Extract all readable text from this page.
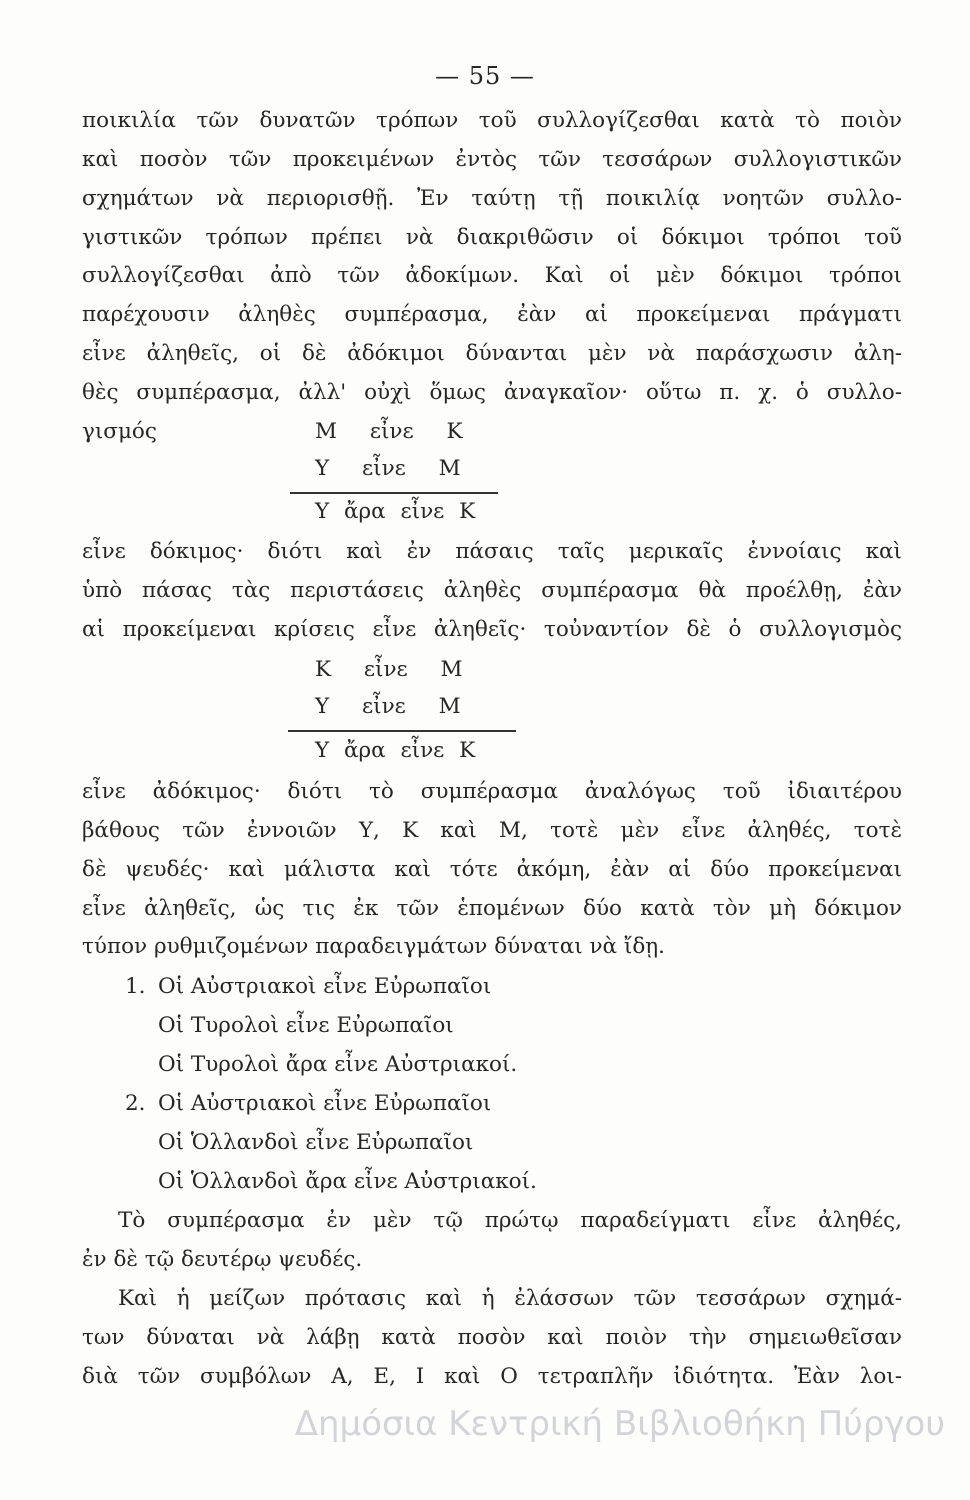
— 55 —
ποικιλία τῶν δυνατῶν τρόπων τοῦ συλλογίζεσθαι κατὰ τὸ ποιὸν
καὶ ποσὸν τῶν προκειμένων ἐντὸς τῶν τεσσάρων συλλογιστικῶν
σχημάτων νὰ περιορισθῇ. Ἐν ταύτῃ τῇ ποικιλίᾳ νοητῶν συλλο-
γιστικῶν τρόπων πρέπει νὰ διακριθῶσιν οἱ δόκιμοι τρόποι τοῦ
συλλογίζεσθαι ἀπὸ τῶν ἀδοκίμων. Καὶ οἱ μὲν δόκιμοι τρόποι
παρέχουσιν ἀληθὲς συμπέρασμα, ἐὰν αἱ προκείμεναι πράγματι
εἶνε ἀληθεῖς, οἱ δὲ ἀδόκιμοι δύνανται μὲν νὰ παράσχωσιν ἀλη-
θὲς συμπέρασμα, ἀλλ' οὐχὶ ὅμως ἀναγκαῖον· οὕτω π. χ. ὁ συλλο-
γισμός	Μ εἶνε Κ
Υ εἶνε Μ
Υ ἄρα εἶνε Κ
εἶνε δόκιμος· διότι καὶ ἐν πάσαις ταῖς μερικαῖς ἐννοίαις καὶ
ὑπὸ πάσας τὰς περιστάσεις ἀληθὲς συμπέρασμα θὰ προέλθῃ, ἐὰν
αἱ προκείμεναι κρίσεις εἶνε ἀληθεῖς· τοὐναντίον δὲ ὁ συλλογισμὸς
Κ εἶνε Μ
Υ εἶνε Μ
Υ ἄρα εἶνε Κ
εἶνε ἀδόκιμος· διότι τὸ συμπέρασμα ἀναλόγως τοῦ ἰδιαιτέρου
βάθους τῶν ἐννοιῶν Υ, Κ καὶ Μ, τοτὲ μὲν εἶνε ἀληθές, τοτὲ
δὲ ψευδές· καὶ μάλιστα καὶ τότε ἀκόμη, ἐὰν αἱ δύο προκείμεναι
εἶνε ἀληθεῖς, ὡς τις ἐκ τῶν ἑπομένων δύο κατὰ τὸν μὴ δόκιμον
τύπον ρυθμιζομένων παραδειγμάτων δύναται νὰ ἴδῃ.
1. Οἱ Αὐστριακοὶ εἶνε Εὐρωπαῖοι
Οἱ Τυρολοὶ εἶνε Εὐρωπαῖοι
Οἱ Τυρολοὶ ἄρα εἶνε Αὐστριακοί.
2. Οἱ Αὐστριακοὶ εἶνε Εὐρωπαῖοι
Οἱ Ὁλλανδοὶ εἶνε Εὐρωπαῖοι
Οἱ Ὁλλανδοὶ ἄρα εἶνε Αὐστριακοί.
Τὸ συμπέρασμα ἐν μὲν τῷ πρώτῳ παραδείγματι εἶνε ἀληθές,
ἐν δὲ τῷ δευτέρῳ ψευδές.
Καὶ ἡ μείζων πρότασις καὶ ἡ ἐλάσσων τῶν τεσσάρων σχημά-
των δύναται νὰ λάβῃ κατὰ ποσὸν καὶ ποιὸν τὴν σημειωθεῖσαν
διὰ τῶν συμβόλων Α, Ε, Ι καὶ Ο τετραπλῆν ἰδιότητα. Ἐὰν λοι-
Δημόσια Κεντρική Βιβλιοθήκη Πύργου
